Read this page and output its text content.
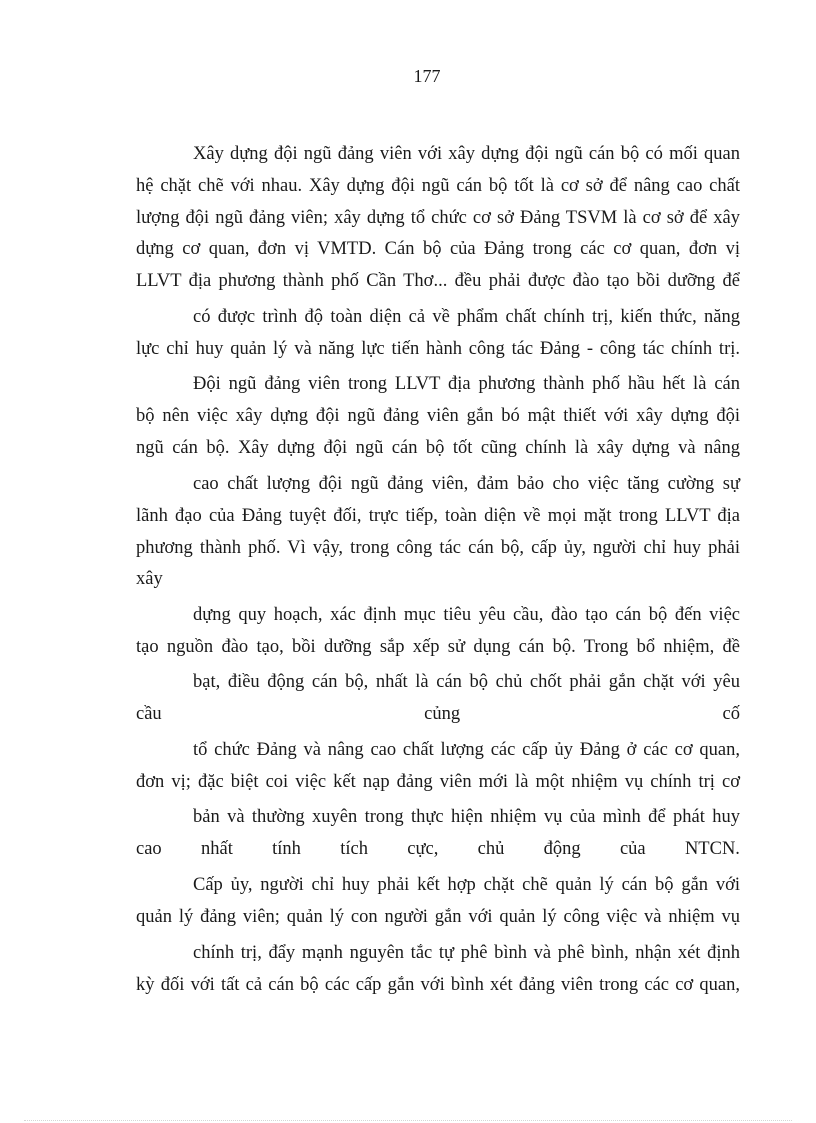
177
Xây dựng đội ngũ đảng viên với xây dựng đội ngũ cán bộ có mối quan
hệ chặt chẽ với nhau. Xây dựng đội ngũ cán bộ tốt là cơ sở để nâng cao chất
lượng đội ngũ đảng viên; xây dựng tổ chức cơ sở Đảng TSVM là cơ sở để xây
dựng cơ quan, đơn vị VMTD. Cán bộ của Đảng trong các cơ quan, đơn vị
LLVT địa phương thành phố Cần Thơ... đều phải được đào tạo bồi dưỡng để
có được trình độ toàn diện cả về phẩm chất chính trị, kiến thức, năng
lực chỉ huy quản lý và năng lực tiến hành công tác Đảng - công tác chính trị.
Đội ngũ đảng viên trong LLVT địa phương thành phố hầu hết là cán
bộ nên việc xây dựng đội ngũ đảng viên gắn bó mật thiết với xây dựng đội
ngũ cán bộ. Xây dựng đội ngũ cán bộ tốt cũng chính là xây dựng và nâng
cao chất lượng đội ngũ đảng viên, đảm bảo cho việc tăng cường sự
lãnh đạo của Đảng tuyệt đối, trực tiếp, toàn diện về mọi mặt trong LLVT địa
phương thành phố. Vì vậy, trong công tác cán bộ, cấp ủy, người chỉ huy phải
xây
dựng quy hoạch, xác định mục tiêu yêu cầu, đào tạo cán bộ đến việc
tạo nguồn đào tạo, bồi dưỡng sắp xếp sử dụng cán bộ. Trong bổ nhiệm, đề
bạt, điều động cán bộ, nhất là cán bộ chủ chốt phải gắn chặt với yêu
cầu	củng	cố
tổ chức Đảng và nâng cao chất lượng các cấp ủy Đảng ở các cơ quan,
đơn vị; đặc biệt coi việc kết nạp đảng viên mới là một nhiệm vụ chính trị cơ
bản và thường xuyên trong thực hiện nhiệm vụ của mình để phát huy
cao nhất tính tích cực, chủ động của NTCN.
Cấp ủy, người chỉ huy phải kết hợp chặt chẽ quản lý cán bộ gắn với
quản lý đảng viên; quản lý con người gắn với quản lý công việc và nhiệm vụ
chính trị, đẩy mạnh nguyên tắc tự phê bình và phê bình, nhận xét định
kỳ đối với tất cả cán bộ các cấp gắn với bình xét đảng viên trong các cơ quan,
